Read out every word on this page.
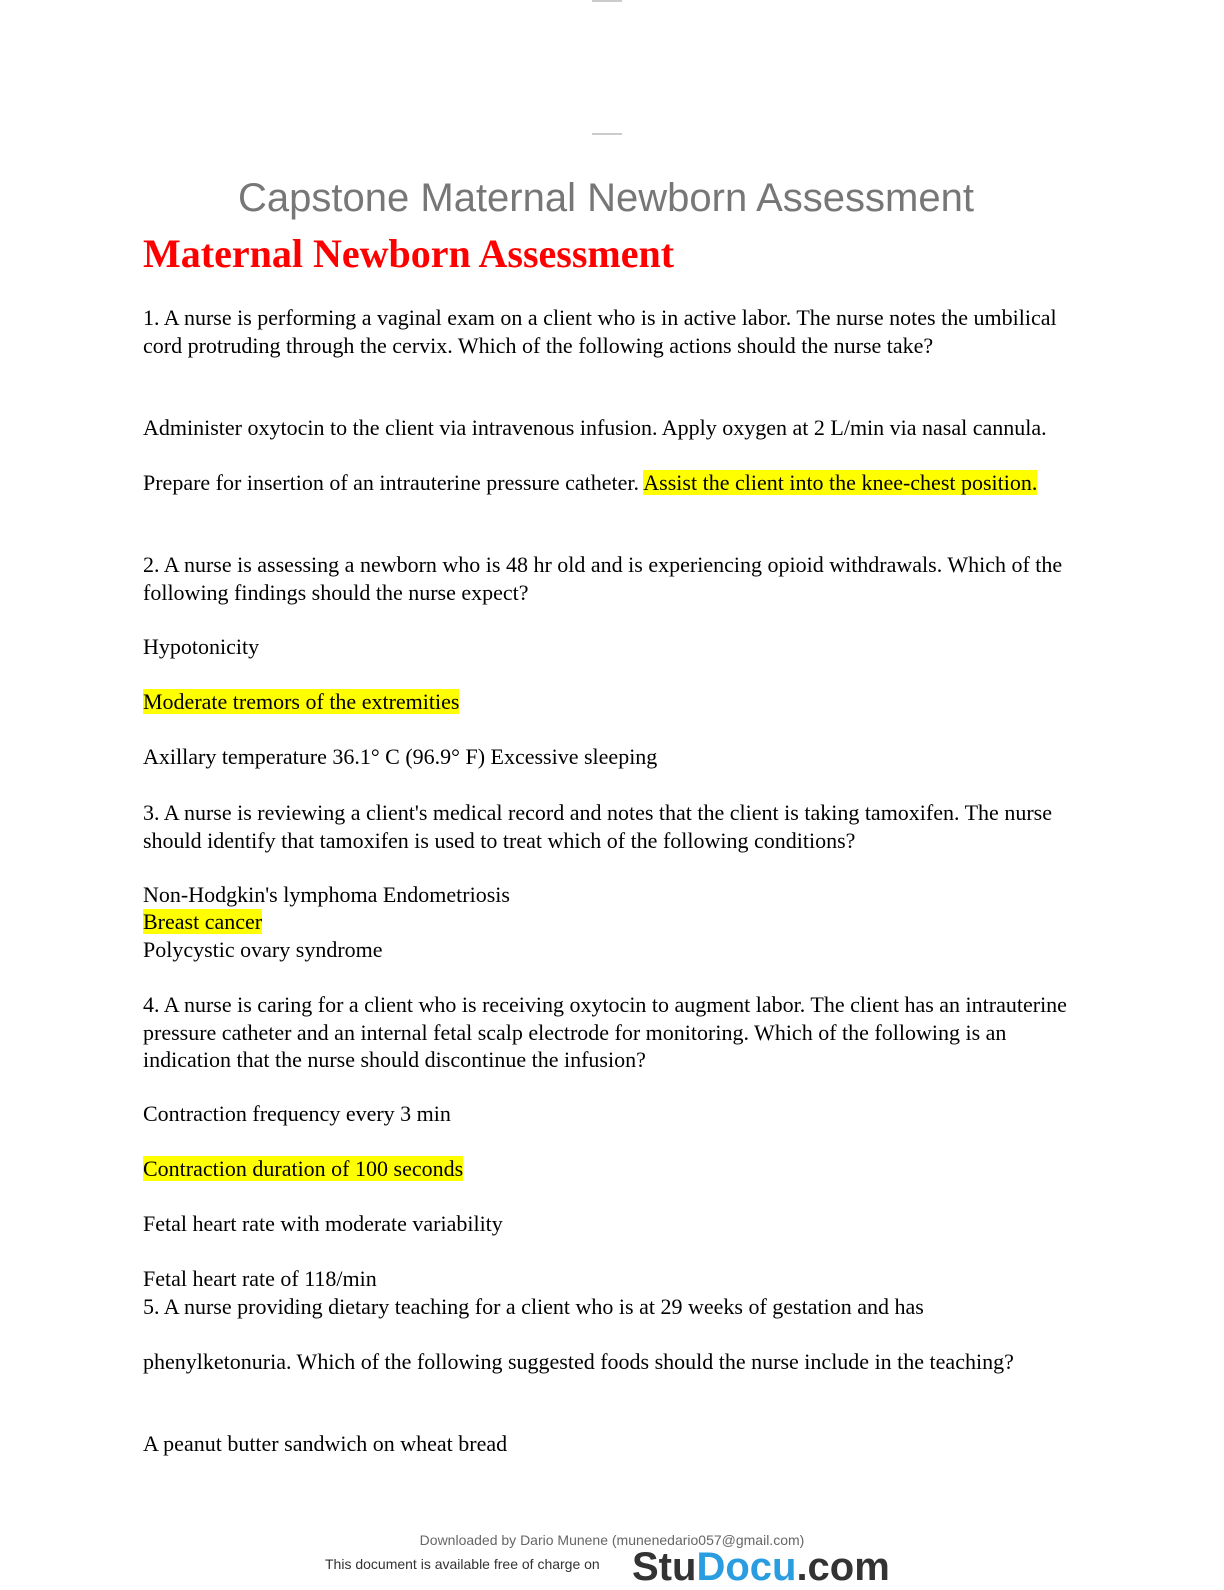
Capstone Maternal Newborn Assessment
Maternal Newborn Assessment
1. A nurse is performing a vaginal exam on a client who is in active labor. The nurse notes the umbilical cord protruding through the cervix. Which of the following actions should the nurse take?
Administer oxytocin to the client via intravenous infusion. Apply oxygen at 2 L/min via nasal cannula.
Prepare for insertion of an intrauterine pressure catheter. Assist the client into the knee-chest position.
2. A nurse is assessing a newborn who is 48 hr old and is experiencing opioid withdrawals. Which of the following findings should the nurse expect?
Hypotonicity
Moderate tremors of the extremities
Axillary temperature 36.1° C (96.9° F) Excessive sleeping
3. A nurse is reviewing a client's medical record and notes that the client is taking tamoxifen. The nurse should identify that tamoxifen is used to treat which of the following conditions?
Non-Hodgkin's lymphoma Endometriosis
Breast cancer
Polycystic ovary syndrome
4. A nurse is caring for a client who is receiving oxytocin to augment labor. The client has an intrauterine pressure catheter and an internal fetal scalp electrode for monitoring. Which of the following is an indication that the nurse should discontinue the infusion?
Contraction frequency every 3 min
Contraction duration of 100 seconds
Fetal heart rate with moderate variability
Fetal heart rate of 118/min
5. A nurse providing dietary teaching for a client who is at 29 weeks of gestation and has
phenylketonuria. Which of the following suggested foods should the nurse include in the teaching?
A peanut butter sandwich on wheat bread
Downloaded by Dario Munene (munenedario057@gmail.com)
This document is available free of charge on StuDocu.com
